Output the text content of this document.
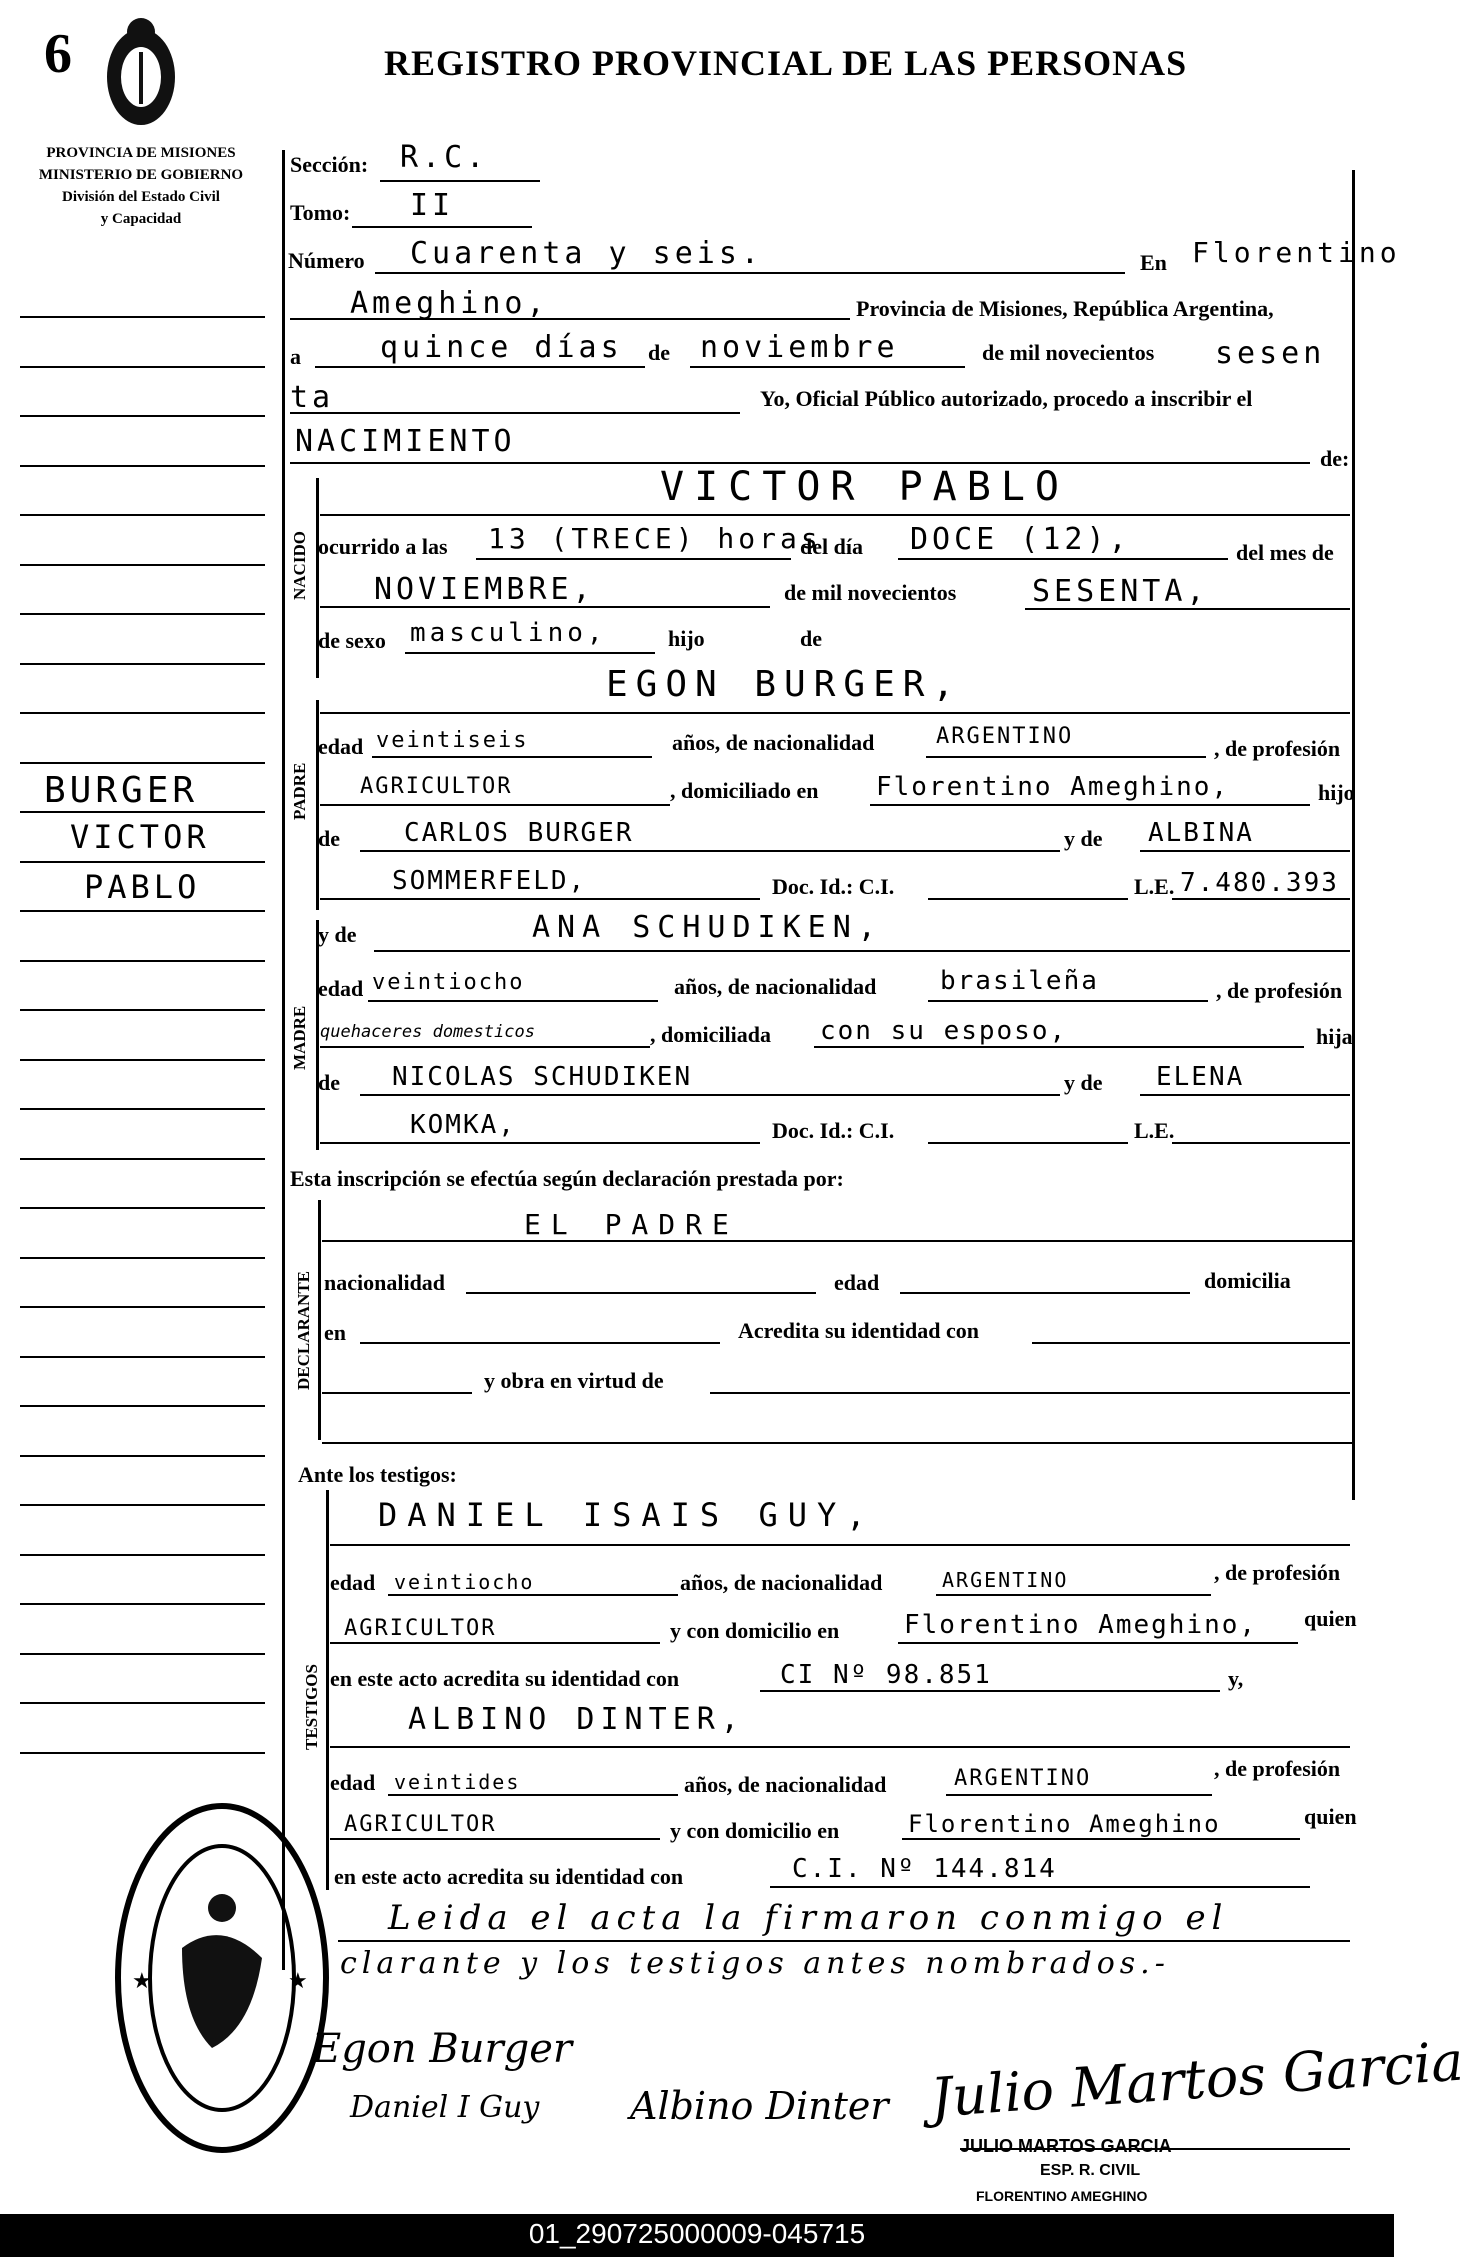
6	REGISTRO PROVINCIAL DE LAS PERSONAS
PROVINCIA DE MISIONES
MINISTERIO DE GOBIERNO
División del Estado Civil
y Capacidad
BURGER
VICTOR
PABLO
Sección: R.C.
Tomo: II
Número Cuarenta y seis.	En Florentino
Ameghino,	Provincia de Misiones, República Argentina,
a	quince días de noviembre	de mil novecientos sesen
ta	Yo, Oficial Público autorizado, procedo a inscribir el
NACIMIENTO	de:
NACIDO
VICTOR PABLO
ocurrido a las 13 (TRECE) horas
del día DOCE (12),	del mes de
NOVIEMBRE,	de mil novecientos	SESENTA,
de sexo masculino,	hijo	de
PADRE
EGON BURGER,
edad veintiseis	años, de nacionalidad	ARGENTINO	, de profesión
AGRICULTOR	, domiciliado en Florentino Ameghino,	hijo
de CARLOS BURGER	y de ALBINA
SOMMERFELD,	Doc. Id.: C.I.	L.E. 7.480.393
MADRE
y de	ANA SCHUDIKEN,
edad veintiocho	años, de nacionalidad brasileña	, de profesión
quehaceres domesticos	, domiciliada con su esposo,	hija
de NICOLAS SCHUDIKEN	y de ELENA
KOMKA,	Doc. Id.: C.I.	L.E.
Esta inscripción se efectúa según declaración prestada por:
DECLARANTE
EL PADRE
nacionalidad	edad	domicilia
en	Acredita su identidad con
y obra en virtud de
Ante los testigos:
TESTIGOS
DANIEL ISAIS GUY,
edad veintiocho	años, de nacionalidad	ARGENTINO	, de profesión
AGRICULTOR	y con domicilio en Florentino Ameghino, quien
en este acto acredita su identidad con	CI Nº 98.851	y,
ALBINO DINTER,
edad veintides	años, de nacionalidad	ARGENTINO	, de profesión
AGRICULTOR	y con domicilio en	Florentino Ameghino	quien
en este acto acredita su identidad con	C.I. Nº 144.814
Leida el acta la firmaron conmigo el
clarante y los testigos antes nombrados.-
Egon Burger
Daniel I Guy Albino Dinter Julio Martos Garcia
JULIO MARTOS GARCIA
ESP. R. CIVIL
FLORENTINO AMEGHINO
★	★
01_290725000009-045715
